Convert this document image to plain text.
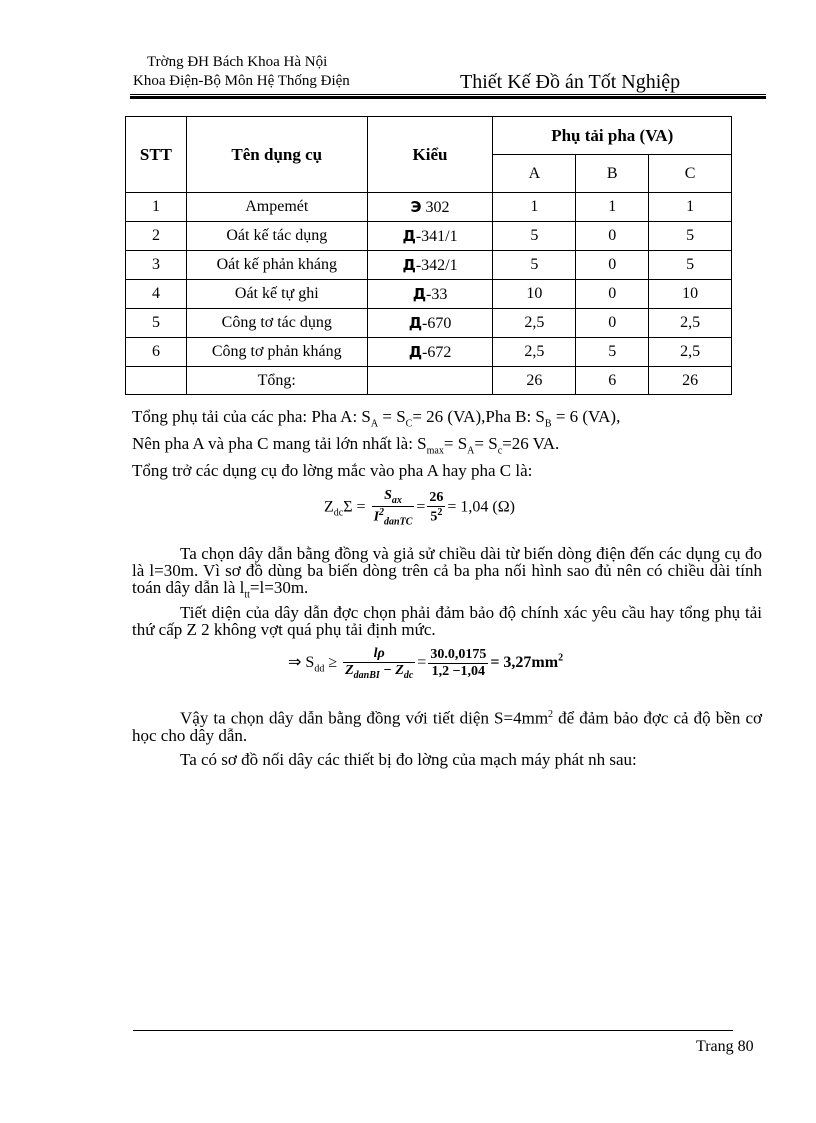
Trờng ĐH Bách Khoa Hà Nội
Khoa Điện-Bộ Môn Hệ Thống Điện	Thiết Kế Đồ án Tốt Nghiệp
STT	Tên dụng cụ	Kiểu	Phụ tải pha (VA)		
			A	B	C
1	Ampemét	Э 302	1	1	1
2	Oát kế tác dụng	Д-341/1	5	0	5
3	Oát kế phản kháng	Д-342/1	5	0	5
4	Oát kế tự ghi	Д-33	10	0	10
5	Công tơ tác dụng	Д-670	2,5	0	2,5
6	Công tơ phản kháng	Д-672	2,5	5	2,5
	Tổng:		26	6	26
Tổng phụ tải của các pha: Pha A: $S_A = S_C= 26$ (VA),Pha B: $S_B = 6$ (VA),
Nên pha A và pha C mang tải lớn nhất là: $S_{max}= S_A= S_c=26$ VA.
Tổng trở các dụng cụ đo lờng mắc vào pha A hay pha C là:
$Z_{dc}\Sigma = \frac{S_{ax}}{I^2_{danTC}} = \frac{26}{5^2} = 1,04$ (Ω)
Ta chọn dây dẫn bằng đồng và giả sử chiều dài từ biến dòng điện đến các dụng cụ đo là l=30m. Vì sơ đồ dùng ba biến dòng trên cả ba pha nối hình sao đủ nên có chiều dài tính toán dây dẫn là $l_{tt}=l=30m$.
Tiết diện của dây dẫn đợc chọn phải đảm bảo độ chính xác yêu cầu hay tổng phụ tải thứ cấp Z 2 không vợt quá phụ tải định mức.
⇒ $S_{dd} \ge \frac{l\rho}{Z_{danBI} - Z_{dc}} = \frac{30.0,0175}{1,2 -1,04} = 3,27mm^2$
Vậy ta chọn dây dẫn bằng đồng với tiết diện $S=4mm^2$ để đảm bảo đợc cả độ bền cơ học cho dây dẫn.
Ta có sơ đồ nối dây các thiết bị đo lờng của mạch máy phát nh sau:
Trang 80
